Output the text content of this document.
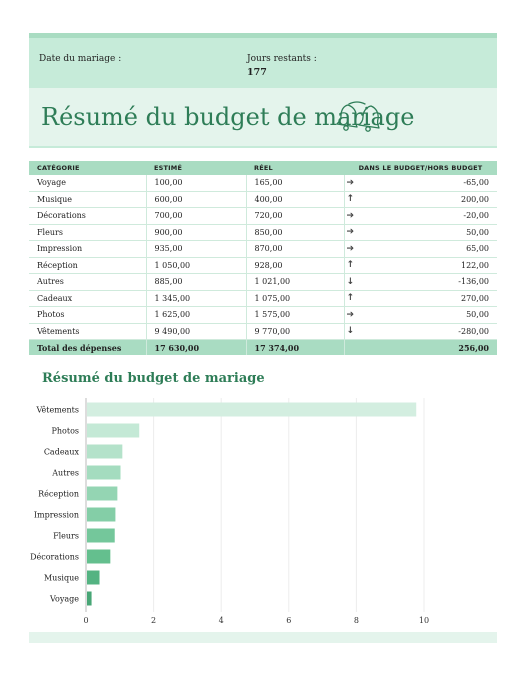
Date du mariage :	Jours restants :
177
Résumé du budget de mariage
CATÉGORIE	ESTIMÉ	RÉEL	DANS LE BUDGET/HORS BUDGET	
Voyage	100,00	165,00	➔	-65,00
Musique	600,00	400,00	↑	200,00
Décorations	700,00	720,00	➔	-20,00
Fleurs	900,00	850,00	➔	50,00
Impression	935,00	870,00	➔	65,00
Réception	1 050,00	928,00	↑	122,00
Autres	885,00	1 021,00	↓	-136,00
Cadeaux	1 345,00	1 075,00	↑	270,00
Photos	1 625,00	1 575,00	➔	50,00
Vêtements	9 490,00	9 770,00	↓	-280,00
Total des dépenses	17 630,00	17 374,00		256,00
Résumé du budget de mariage
0	2	4	6	8	10
Vêtements
Photos
Cadeaux
Autres
Réception
Impression
Fleurs
Décorations
Musique
Voyage
